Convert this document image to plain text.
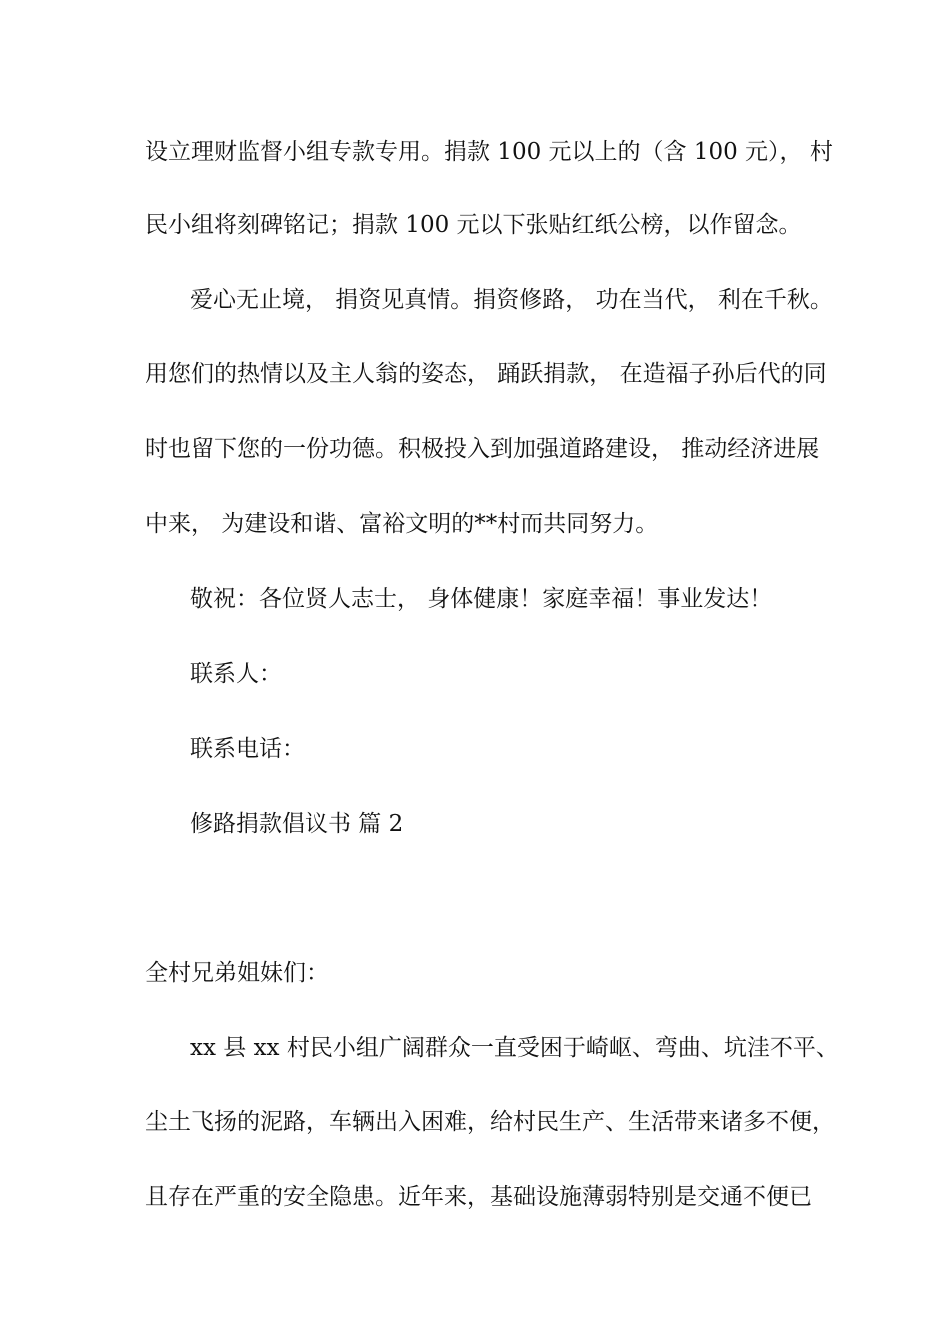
设立理财监督小组专款专用。捐款 100 元以上的（含 100 元）， 村
民小组将刻碑铭记；捐款 100 元以下张贴红纸公榜，以作留念。
爱心无止境， 捐资见真情。捐资修路， 功在当代， 利在千秋。
用您们的热情以及主人翁的姿态， 踊跃捐款， 在造福子孙后代的同
时也留下您的一份功德。积极投入到加强道路建设， 推动经济进展
中来， 为建设和谐、富裕文明的**村而共同努力。
敬祝：各位贤人志士， 身体健康！家庭幸福！事业发达！
联系人：
联系电话：
修路捐款倡议书 篇 2
全村兄弟姐妹们：
xx 县 xx 村民小组广阔群众一直受困于崎岖、弯曲、坑洼不平、
尘土飞扬的泥路，车辆出入困难，给村民生产、生活带来诸多不便，
且存在严重的安全隐患。近年来，基础设施薄弱特别是交通不便已
